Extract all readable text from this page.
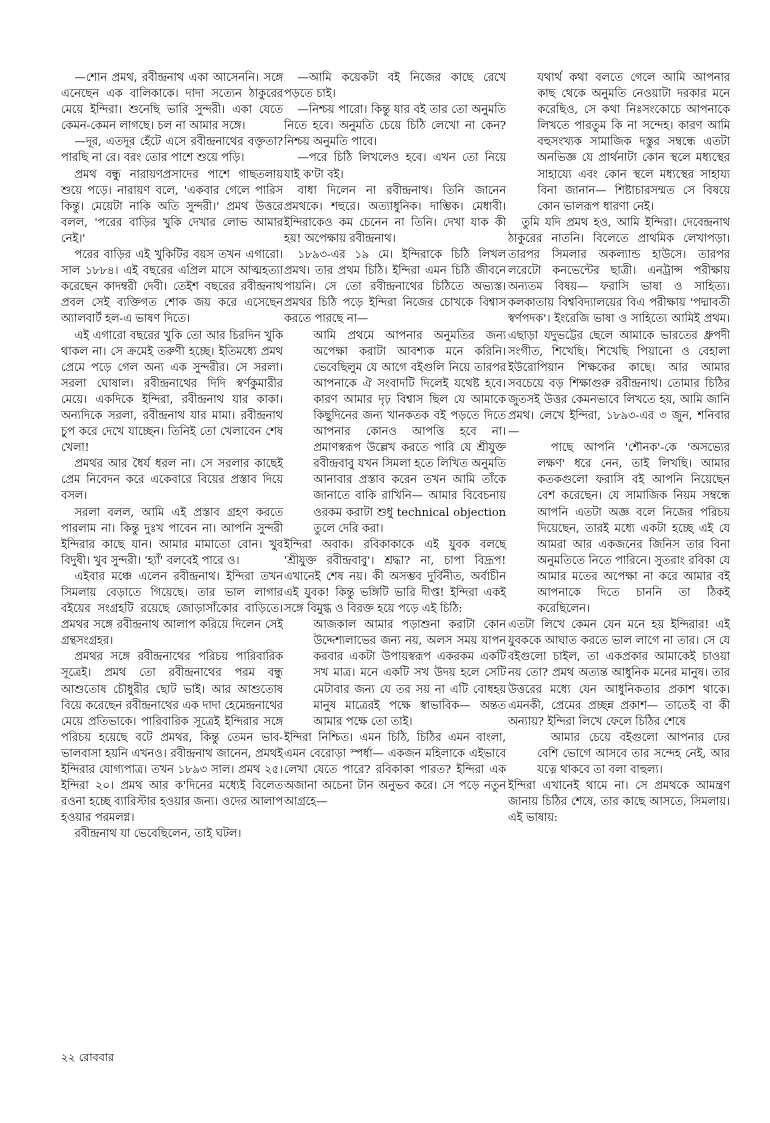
—শোন প্রমথ, রবীন্দ্রনাথ একা আসেননি। সঙ্গে এনেছেন এক বালিকাকে। দাদা সত্যেন ঠাকুরের মেয়ে ইন্দিরা। শুনেছি ভারি সুন্দরী। একা যেতে কেমন-কেমন লাগছে। চল না আমার সঙ্গে।

—দূর, এতদূর হেঁটে এসে রবীন্দ্রনাথের বক্তৃতা? পারছি না রে। বরং তোর পাশে শুয়ে পড়ি।

প্রমথ বন্ধু নারায়ণপ্রসাদের পাশে গাছতলায় শুয়ে পড়ে। নারায়ণ বলে, 'একবার গেলে পারিস কিন্তু। মেয়েটা নাকি অতি সুন্দরী।' প্রমথ উত্তরে বলল, 'পরের বাড়ির খুকি দেখার লোভ আমার নেই।'

পরের বাড়ির এই খুকিটির বয়স তখন এগারো। সাল ১৮৮৪। এই বছরের এপ্রিল মাসে আত্মহত্যা করেছেন কাদম্বরী দেবী। তেইশ বছরের রবীন্দ্রনাথ প্রবল সেই ব্যক্তিগত শোক জয় করে এসেছেন অ্যালবার্ট হল-এ ভাষণ দিতে।

এই এগারো বছরের খুকি তো আর চিরদিন খুকি থাকল না। সে ক্রমেই তরুণী হচ্ছে। ইতিমধ্যে প্রমথ প্রেমে পড়ে গেল অন্য এক সুন্দরীর। সে সরলা। সরলা ঘোষাল। রবীন্দ্রনাথের দিদি স্বর্ণকুমারীর মেয়ে। একদিকে ইন্দিরা, রবীন্দ্রনাথ যার কাকা। অন্যদিকে সরলা, রবীন্দ্রনাথ যার মামা। রবীন্দ্রনাথ চুপ করে দেখে যাচ্ছেন। তিনিই তো খেলাবেন শেষ খেলা!

প্রমথর আর ধৈর্য ধরল না। সে সরলার কাছেই প্রেম নিবেদন করে একেবারে বিয়ের প্রস্তাব দিয়ে বসল।

সরলা বলল, আমি এই প্রস্তাব গ্রহণ করতে পারলাম না। কিন্তু দুঃখ পাবেন না। আপনি সুন্দরী ইন্দিরার কাছে যান। আমার মামাতো বোন। খুব বিদুষী। খুব সুন্দরী। 'হ্যাঁ' বলবেই পারে ও।

এইবার মঞ্চে এলেন রবীন্দ্রনাথ। ইন্দিরা তখন সিমলায় বেড়াতে গিয়েছে। তার ভাল লাগার বইয়ের সংগ্রহটি রয়েছে জোড়াসাঁকোর বাড়িতে। প্রমথর সঙ্গে রবীন্দ্রনাথ আলাপ করিয়ে দিলেন সেই গ্রন্থসংগ্রহর।

প্রমথর সঙ্গে রবীন্দ্রনাথের পরিচয় পারিবারিক সূত্রেই। প্রমথ তো রবীন্দ্রনাথের পরম বন্ধু আশুতোষ চৌধুরীর ছোট ভাই। আর আশুতোষ বিয়ে করেছেন রবীন্দ্রনাথের এক দাদা হেমেন্দ্রনাথের মেয়ে প্রতিভাকে। পারিবারিক সূত্রেই ইন্দিরার সঙ্গে পরিচয় হয়েছে বটে প্রমথর, কিন্তু তেমন ভাব-ভালবাসা হয়নি এখনও। রবীন্দ্রনাথ জানেন, প্রমথই ইন্দিরার যোগ্যপাত্র। তখন ১৮৯৩ সাল। প্রমথ ২৫। ইন্দিরা ২০। প্রমথ আর ক'দিনের মধ্যেই বিলেত রওনা হচ্ছে ব্যারিস্টার হওয়ার জন্য। ওদের আলাপ হওয়ার পরমলগ্ন।

রবীন্দ্রনাথ যা ভেবেছিলেন, তাই ঘটল।

—আমি কয়েকটা বই নিজের কাছে রেখে পড়তে চাই।

—নিশ্চয় পারো। কিন্তু যার বই তার তো অনুমতি নিতে হবে। অনুমতি চেয়ে চিঠি লেখো না কেন? নিশ্চয় অনুমতি পাবে।

—পরে চিঠি লিখলেও হবে। এখন তো নিয়ে যাই ক'টা বই।

বাধা দিলেন না রবীন্দ্রনাথ। তিনি জানেন প্রমথকে। শহুরে। অত্যাধুনিক। দাম্ভিক। মেধাবী। ইন্দিরাকেও কম চেনেন না তিনি। দেখা যাক কী হয়! অপেক্ষায় রবীন্দ্রনাথ।

১৮৯৩-এর ১৯ মে। ইন্দিরাকে চিঠি লিখল প্রমথ। তার প্রথম চিঠি। ইন্দিরা এমন চিঠি জীবনে পায়নি। সে তো রবীন্দ্রনাথের চিঠিতে অভ্যস্ত। প্রমথর চিঠি পড়ে ইন্দিরা নিজের চোখকে বিশ্বাস করতে পারছে না—

আমি প্রথমে আপনার অনুমতির জন্য অপেক্ষা করাটা আবশ্যক মনে করিনি। ভেবেছিলুম যে আগে বইগুলি নিয়ে তারপর আপনাকে ঐ সংবাদটি দিলেই যথেষ্ট হবে। কারণ আমার দৃঢ় বিশ্বাস ছিল যে আমাকে কিছুদিনের জন্য খানকতক বই পড়তে দিতে আপনার কোনও আপত্তি হবে না। প্রমাণস্বরূপ উল্লেখ করতে পারি যে শ্রীযুক্ত রবীন্দ্রবাবু যখন সিমলা হতে লিখিত অনুমতি আনাবার প্রস্তাব করেন তখন আমি তাঁকে জানাতে বাকি রাখিনি— আমার বিবেচনায় ওরকম করাটা শুধু technical objection তুলে দেরি করা।

ইন্দিরা অবাক। রবিকাকাকে এই যুবক বলছে 'শ্রীযুক্ত রবীন্দ্রবাবু'। শ্রদ্ধা? না, চাপা বিদ্রূপ! এখানেই শেষ নয়। কী অসম্ভব দুর্বিনীত, অর্বাচীন এই যুবক! কিন্তু ভঙ্গিটি ভারি দীপ্ত! ইন্দিরা একই সঙ্গে বিমুগ্ধ ও বিরক্ত হয়ে পড়ে এই চিঠি:

আজকাল আমার পড়াশুনা করাটা কোন উদ্দেশ্যলাভের জন্য নয়, অলস সময় যাপন করবার একটা উপায়স্বরূপ একরকম একটি সখ মাত্র। মনে একটি সখ উদয় হলে সেটি মেটাবার জন্য যে তর সয় না এটি বোধহয় মানুষ মাত্রেরই পক্ষে স্বাভাবিক— অন্তত আমার পক্ষে তো তাই।

ইন্দিরা নিশ্চিত। এমন চিঠি, চিঠির এমন বাংলা, এমন বেরোড়া স্পর্ধা— একজন মহিলাকে এইভাবে লেখা যেতে পারে? রবিকাকা পারত? ইন্দিরা এক অজানা অচেনা টান অনুভব করে। সে পড়ে নতুন আগ্রহে—

যথার্থ কথা বলতে গেলে আমি আপনার কাছ থেকে অনুমতি নেওয়াটা দরকার মনে করেছিও, সে কথা নিঃসংকোচে আপনাকে লিখতে পারতুম কি না সন্দেহ। কারণ আমি বহুসংখ্যক সামাজিক দস্তুর সম্বন্ধে এতটা অনভিজ্ঞ যে প্রার্থনাটা কোন স্থলে মধ্যস্থের সাহায্যে এবং কোন স্থলে মধ্যস্থের সাহায্য বিনা জানান— শিষ্টাচারসম্মত সে বিষয়ে কোন ভালরূপ ধারণা নেই।

তুমি যদি প্রমথ হও, আমি ইন্দিরা। দেবেন্দ্রনাথ ঠাকুরের নাতনি। বিলেতে প্রাথমিক লেখাপড়া। তারপর সিমলার অকল্যান্ড হাউসে। তারপর লরেটো কনভেন্টের ছাত্রী। এনট্রান্স পরীক্ষায় অন্যতম বিষয়— ফরাসি ভাষা ও সাহিত্য। কলকাতায় বিশ্ববিদ্যালয়ের বিএ পরীক্ষায় 'পদ্মাবতী স্বর্ণপদক'। ইংরেজি ভাষা ও সাহিত্যে আমিই প্রথম। এছাড়া যদুভট্টের ছেলে আমাকে ভারতের ধ্রুপদী সংগীত, শিখেছি। শিখেছি পিয়ানো ও বেহালা ইউরোপিয়ান শিক্ষকের কাছে। আর আমার সবচেয়ে বড় শিক্ষাগুরু রবীন্দ্রনাথ। তোমার চিঠির জুতসই উত্তর কেমনভাবে লিখতে হয়, আমি জানি প্রমথ। লেখে ইন্দিরা, ১৮৯৩-এর ৩ জুন, শনিবার—

পাছে আপনি 'শৌনক'-কে 'অসভ্যের লক্ষণ' ধরে নেন, তাই লিখছি। আমার কতকগুলো ফরাসি বই আপনি নিয়েছেন বেশ করেছেন। যে সামাজিক নিয়ম সম্বন্ধে আপনি এতটা অজ্ঞ বলে নিজের পরিচয় দিয়েছেন, তারই মধ্যে একটা হচ্ছে এই যে আমরা আর একজনের জিনিস তার বিনা অনুমতিতে নিতে পারিনে। সুতরাং রবিকা যে আমার মতের অপেক্ষা না করে আমার বই আপনাকে দিতে চাননি তা ঠিকই করেছিলেন।

এতটা লিখে কেমন যেন মনে হয় ইন্দিরার! এই যুবককে আঘাত করতে ভাল লাগে না তার। সে যে বইগুলো চাইল, তা একপ্রকার আমাকেই চাওয়া নয় তো? প্রমথ অত্যন্ত আধুনিক মনের মানুষ। তার উত্তরের মধ্যে যেন আধুনিকতার প্রকাশ থাকে। এমনকী, প্রেমের প্রচ্ছন্ন প্রকাশ— তাতেই বা কী অন্যায়? ইন্দিরা লিখে ফেলে চিঠির শেষে

আমার চেয়ে বইগুলো আপনার ঢের বেশি ভোগে আসবে তার সন্দেহ নেই, আর যত্নে থাকবে তা বলা বাহুল্য।

ইন্দিরা এখানেই থামে না। সে প্রমথকে আমন্ত্রণ জানায় চিঠির শেষে, তার কাছে আসতে, সিমলায়। এই ভাষায়:

২২ রোববার
